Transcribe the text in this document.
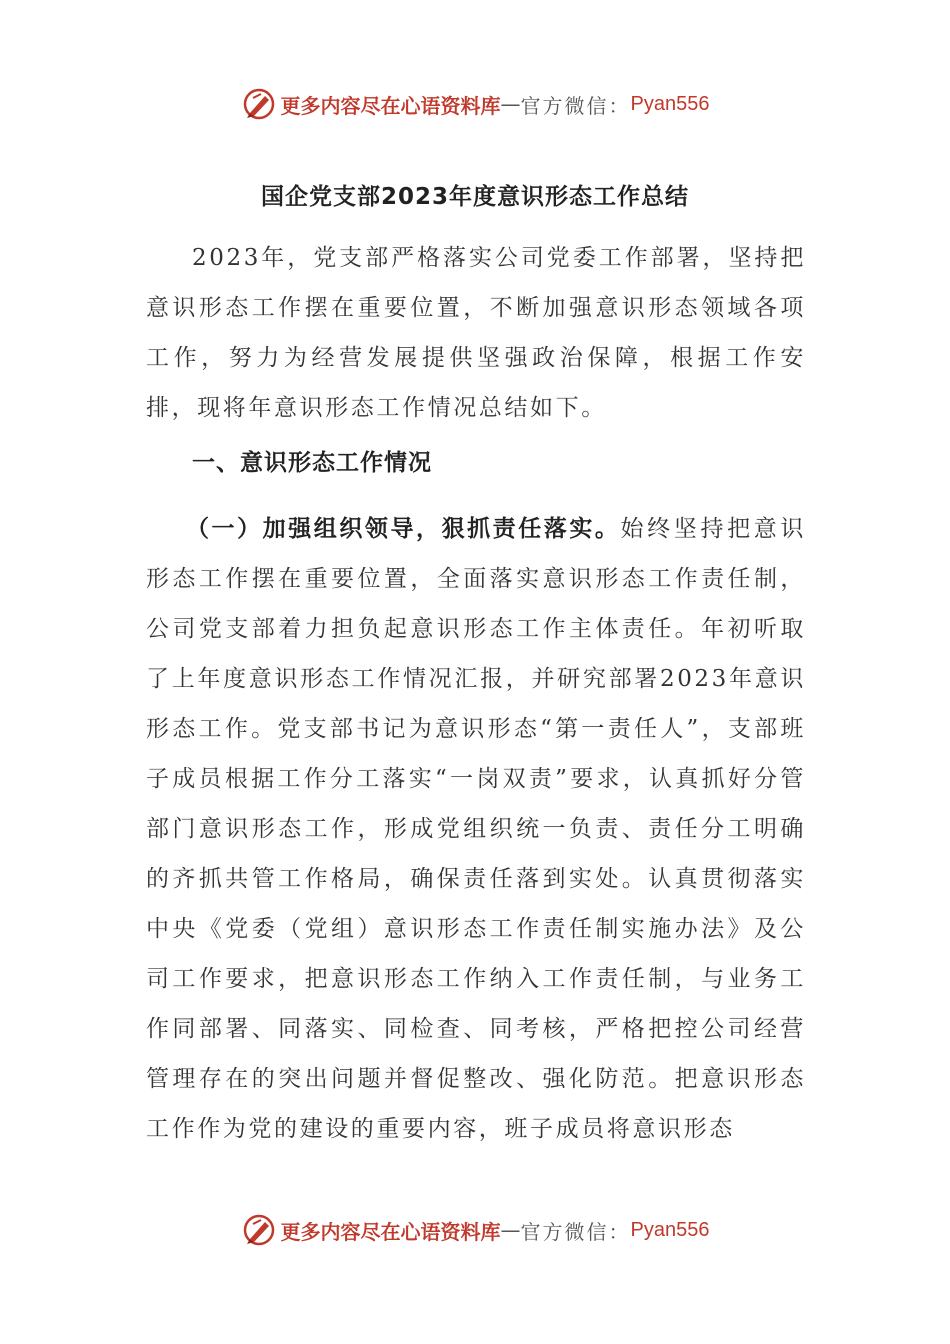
更多内容尽在心语资料库 — 官方微信： Pyan556
国企党支部2023年度意识形态工作总结

2023年，党支部严格落实公司党委工作部署，坚持把意识形态工作摆在重要位置，不断加强意识形态领域各项工作，努力为经营发展提供坚强政治保障，根据工作安排，现将年意识形态工作情况总结如下。

一、意识形态工作情况

（一）加强组织领导，狠抓责任落实。始终坚持把意识形态工作摆在重要位置，全面落实意识形态工作责任制，公司党支部着力担负起意识形态工作主体责任。年初听取了上年度意识形态工作情况汇报，并研究部署2023年意识形态工作。党支部书记为意识形态“第一责任人”，支部班子成员根据工作分工落实“一岗双责”要求，认真抓好分管部门意识形态工作，形成党组织统一负责、责任分工明确的齐抓共管工作格局，确保责任落到实处。认真贯彻落实中央《党委（党组）意识形态工作责任制实施办法》及公司工作要求，把意识形态工作纳入工作责任制，与业务工作同部署、同落实、同检查、同考核，严格把控公司经营管理存在的突出问题并督促整改、强化防范。把意识形态工作作为党的建设的重要内容，班子成员将意识形态

更多内容尽在心语资料库 — 官方微信： Pyan556
